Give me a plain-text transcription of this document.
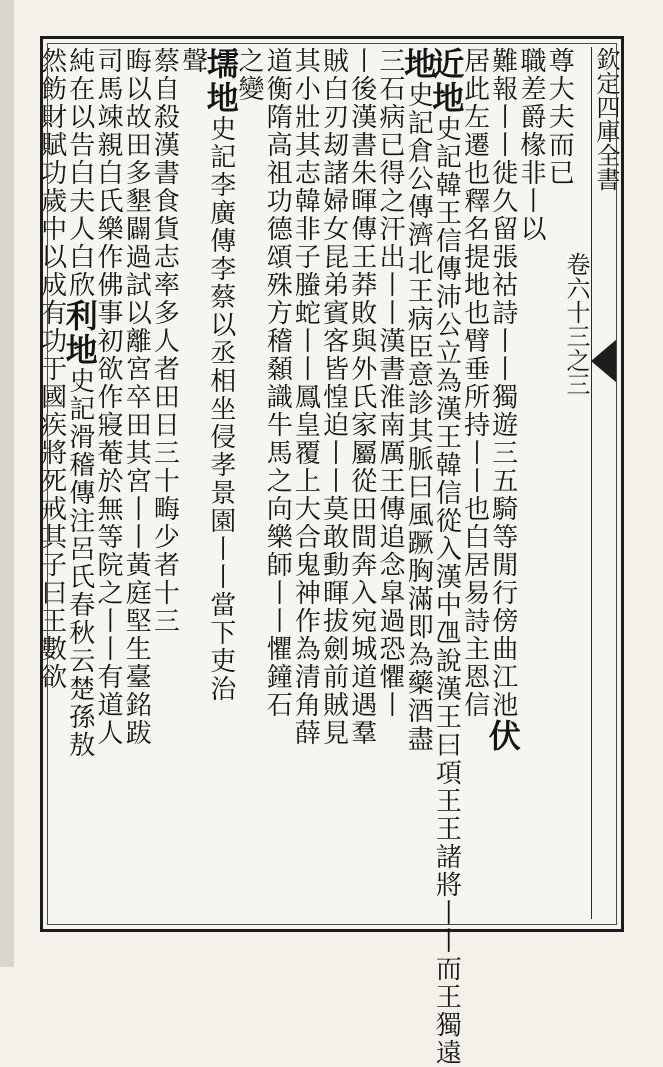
欽定四庫全書
卷六十三之三
尊大夫而已
職差爵椽非丨以
難報丨丨徙久留張祜詩丨丨獨遊三五騎等閒行傍曲江池伏
居此左遷也釋名提地也臂垂所持丨丨也白居易詩主恩信
近地史記韓王信傳沛公立為漢王韓信從入漢中乪說漢王曰項王王諸將丨丨而王獨遠
地史記倉公傳濟北王病臣意診其脈曰風蹶胸滿即為藥酒盡
三石病已得之汗出丨丨漢書淮南厲王傳追念皐過恐懼丨
丨後漢書朱暉傳王莽敗與外氏家屬從田間奔入宛城道遇羣
賊白刃刼諸婦女昆弟賓客皆惶迫丨丨莫敢動暉拔劍前賊見
其小壯其志韓非子螣蛇丨丨鳳皇覆上大合鬼神作為清角薛
道衡隋高祖功德頌殊方稽顙識牛馬之向樂師丨丨懼鐘石
之變
壖地史記李廣傳李蔡以丞相坐侵孝景園丨丨當下吏治
聲
蔡自殺漢書食貨志率多人者田日三十畮少者十三
晦以故田多墾闢過試以離宮卒田其宮丨丨黃庭堅生臺銘跋
司馬竦親白氏樂作佛事初欲作寢菴於無等院之丨丨有道人
純在以告白夫人白欣利地史記滑稽傳注呂氏春秋云楚孫敖
然飭財賦功歲中以成有功于國疾將死戒其子曰王數欲
